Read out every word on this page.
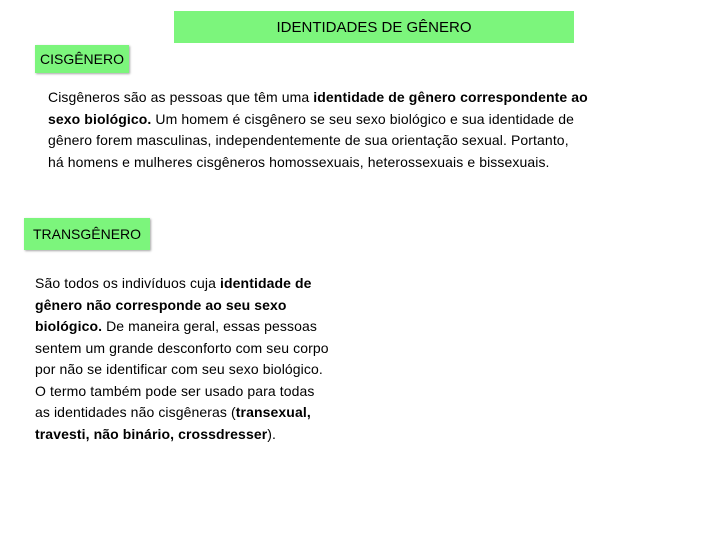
IDENTIDADES DE GÊNERO
CISGÊNERO
Cisgêneros são as pessoas que têm uma identidade de gênero correspondente ao
sexo biológico. Um homem é cisgênero se seu sexo biológico e sua identidade de
gênero forem masculinas, independentemente de sua orientação sexual. Portanto,
há homens e mulheres cisgêneros homossexuais, heterossexuais e bissexuais.
TRANSGÊNERO
São todos os indivíduos cuja identidade de
gênero não corresponde ao seu sexo
biológico. De maneira geral, essas pessoas
sentem um grande desconforto com seu corpo
por não se identificar com seu sexo biológico.
O termo também pode ser usado para todas
as identidades não cisgêneras (transexual,
travesti, não binário, crossdresser).
